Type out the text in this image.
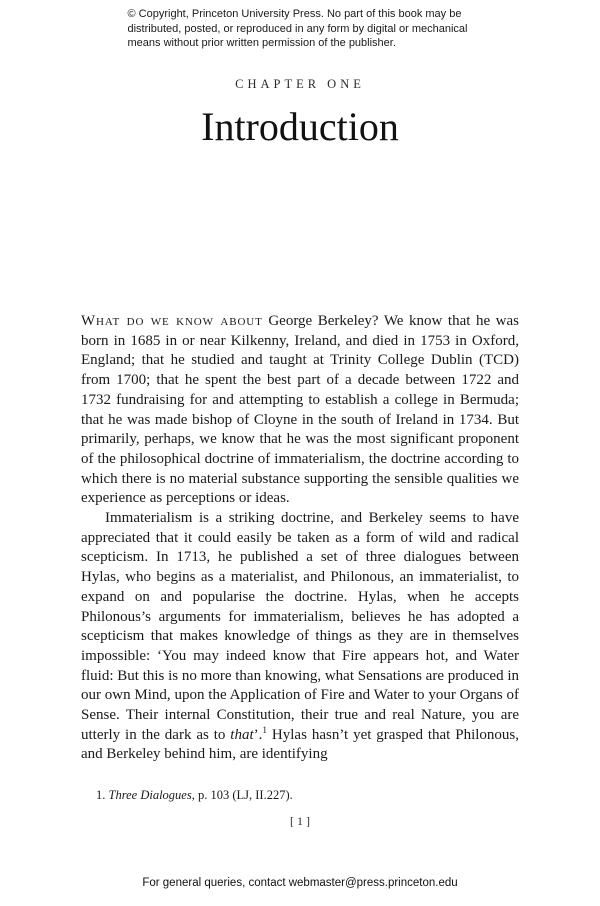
© Copyright, Princeton University Press. No part of this book may be distributed, posted, or reproduced in any form by digital or mechanical means without prior written permission of the publisher.
CHAPTER ONE
Introduction

What do we know about George Berkeley? We know that he was born in 1685 in or near Kilkenny, Ireland, and died in 1753 in Oxford, England; that he studied and taught at Trinity College Dublin (TCD) from 1700; that he spent the best part of a decade between 1722 and 1732 fundraising for and attempting to establish a college in Bermuda; that he was made bishop of Cloyne in the south of Ireland in 1734. But primarily, perhaps, we know that he was the most significant proponent of the philosophical doctrine of immaterialism, the doctrine according to which there is no material substance supporting the sensible qualities we experience as perceptions or ideas.

Immaterialism is a striking doctrine, and Berkeley seems to have appreciated that it could easily be taken as a form of wild and radical scepticism. In 1713, he published a set of three dialogues between Hylas, who begins as a materialist, and Philonous, an immaterialist, to expand on and popularise the doctrine. Hylas, when he accepts Philonous’s arguments for immaterialism, believes he has adopted a scepticism that makes knowledge of things as they are in themselves impossible: ‘You may indeed know that Fire appears hot, and Water fluid: But this is no more than knowing, what Sensations are produced in our own Mind, upon the Application of Fire and Water to your Organs of Sense. Their internal Constitution, their true and real Nature, you are utterly in the dark as to that’.$^1$ Hylas hasn’t yet grasped that Philonous, and Berkeley behind him, are identifying

1. Three Dialogues, p. 103 (LJ, II.227).
[ 1 ]
For general queries, contact webmaster@press.princeton.edu
